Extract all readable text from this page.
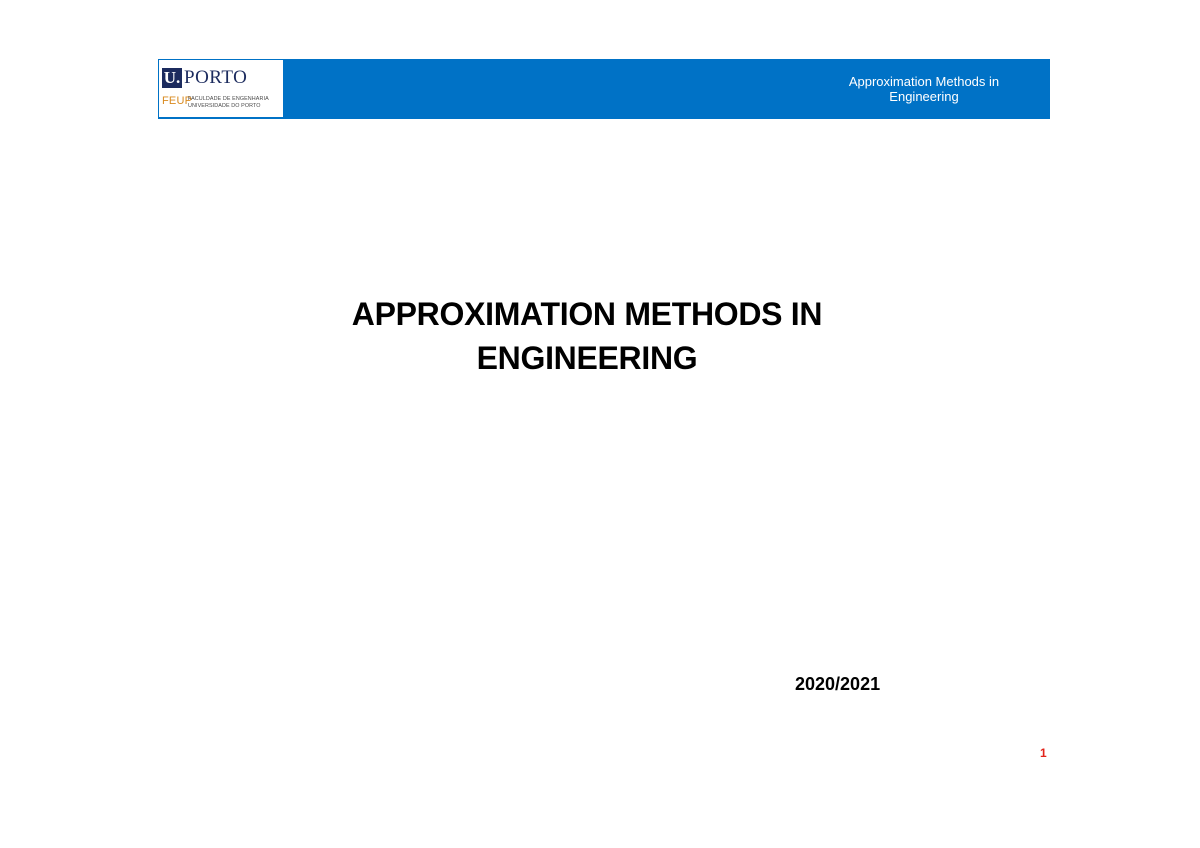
U. PORTO
FEUP
FACULDADE DE ENGENHARIA
UNIVERSIDADE DO PORTO
Approximation Methods in
Engineering
APPROXIMATION METHODS IN
ENGINEERING
2020/2021
1
